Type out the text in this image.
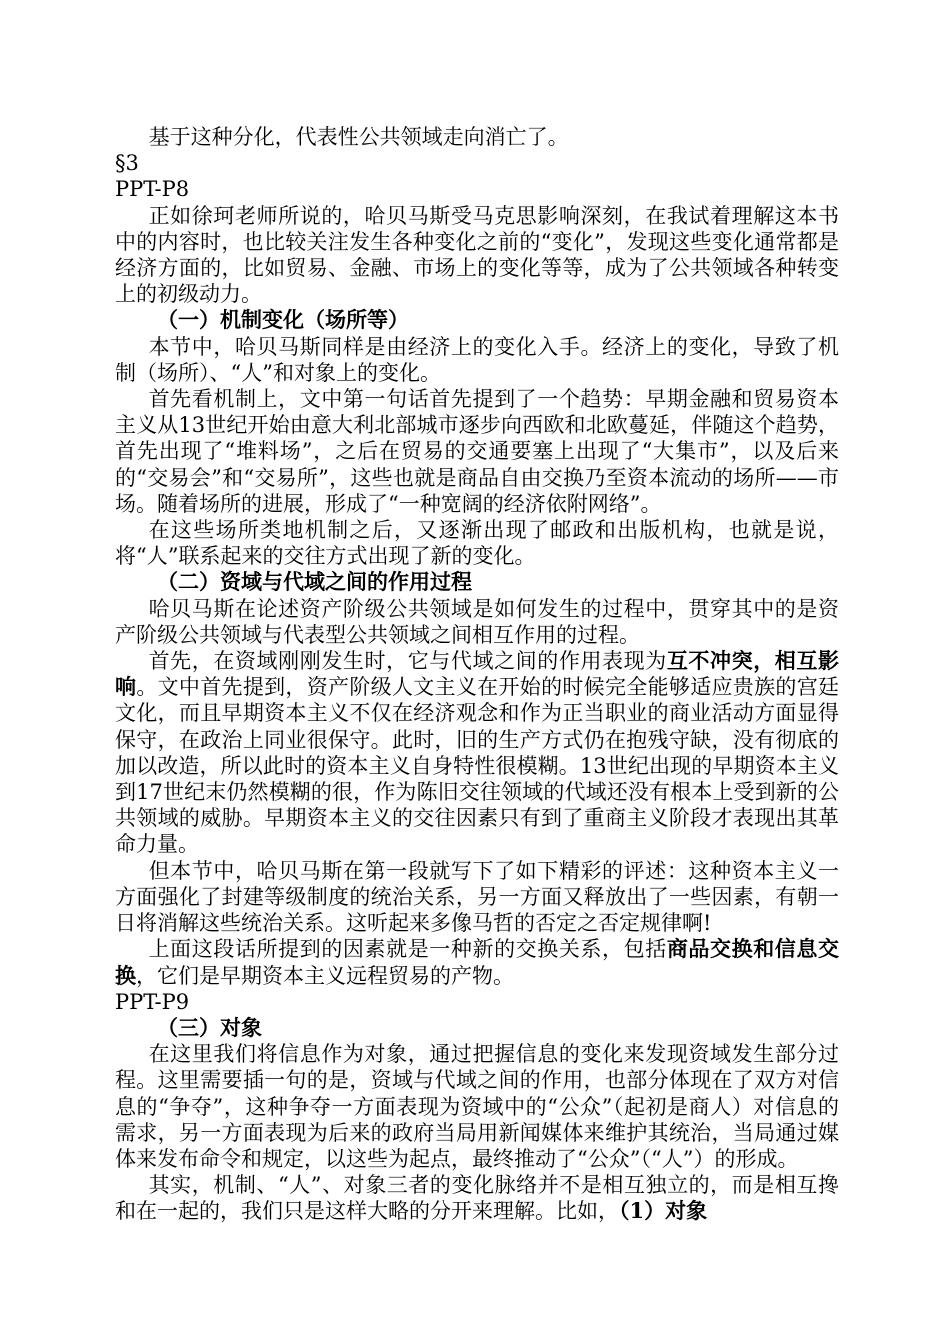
基于这种分化，代表性公共领域走向消亡了。

§3

PPT-P8

正如徐珂老师所说的，哈贝马斯受马克思影响深刻，在我试着理解这本书中的内容时，也比较关注发生各种变化之前的“变化”，发现这些变化通常都是经济方面的，比如贸易、金融、市场上的变化等等，成为了公共领域各种转变上的初级动力。

（一）机制变化（场所等）

本节中，哈贝马斯同样是由经济上的变化入手。经济上的变化，导致了机制（场所）、“人”和对象上的变化。

首先看机制上，文中第一句话首先提到了一个趋势：早期金融和贸易资本主义从13世纪开始由意大利北部城市逐步向西欧和北欧蔓延，伴随这个趋势，首先出现了“堆料场”，之后在贸易的交通要塞上出现了“大集市”，以及后来的“交易会”和“交易所”，这些也就是商品自由交换乃至资本流动的场所——市场。随着场所的进展，形成了“一种宽阔的经济依附网络”。

在这些场所类地机制之后，又逐渐出现了邮政和出版机构，也就是说，将“人”联系起来的交往方式出现了新的变化。

（二）资域与代域之间的作用过程

哈贝马斯在论述资产阶级公共领域是如何发生的过程中，贯穿其中的是资产阶级公共领域与代表型公共领域之间相互作用的过程。

首先，在资域刚刚发生时，它与代域之间的作用表现为互不冲突，相互影响。文中首先提到，资产阶级人文主义在开始的时候完全能够适应贵族的宫廷文化，而且早期资本主义不仅在经济观念和作为正当职业的商业活动方面显得保守，在政治上同业很保守。此时，旧的生产方式仍在抱残守缺，没有彻底的加以改造，所以此时的资本主义自身特性很模糊。13世纪出现的早期资本主义到17世纪末仍然模糊的很，作为陈旧交往领域的代域还没有根本上受到新的公共领域的威胁。早期资本主义的交往因素只有到了重商主义阶段才表现出其革命力量。

但本节中，哈贝马斯在第一段就写下了如下精彩的评述：这种资本主义一方面强化了封建等级制度的统治关系，另一方面又释放出了一些因素，有朝一日将消解这些统治关系。这听起来多像马哲的否定之否定规律啊!

上面这段话所提到的因素就是一种新的交换关系，包括商品交换和信息交换，它们是早期资本主义远程贸易的产物。

PPT-P9

（三）对象

在这里我们将信息作为对象，通过把握信息的变化来发现资域发生部分过程。这里需要插一句的是，资域与代域之间的作用，也部分体现在了双方对信息的“争夺”，这种争夺一方面表现为资域中的“公众”（起初是商人）对信息的需求，另一方面表现为后来的政府当局用新闻媒体来维护其统治，当局通过媒体来发布命令和规定，以这些为起点，最终推动了“公众”（“人”）的形成。

其实，机制、“人”、对象三者的变化脉络并不是相互独立的，而是相互搀和在一起的，我们只是这样大略的分开来理解。比如，（1）对象
